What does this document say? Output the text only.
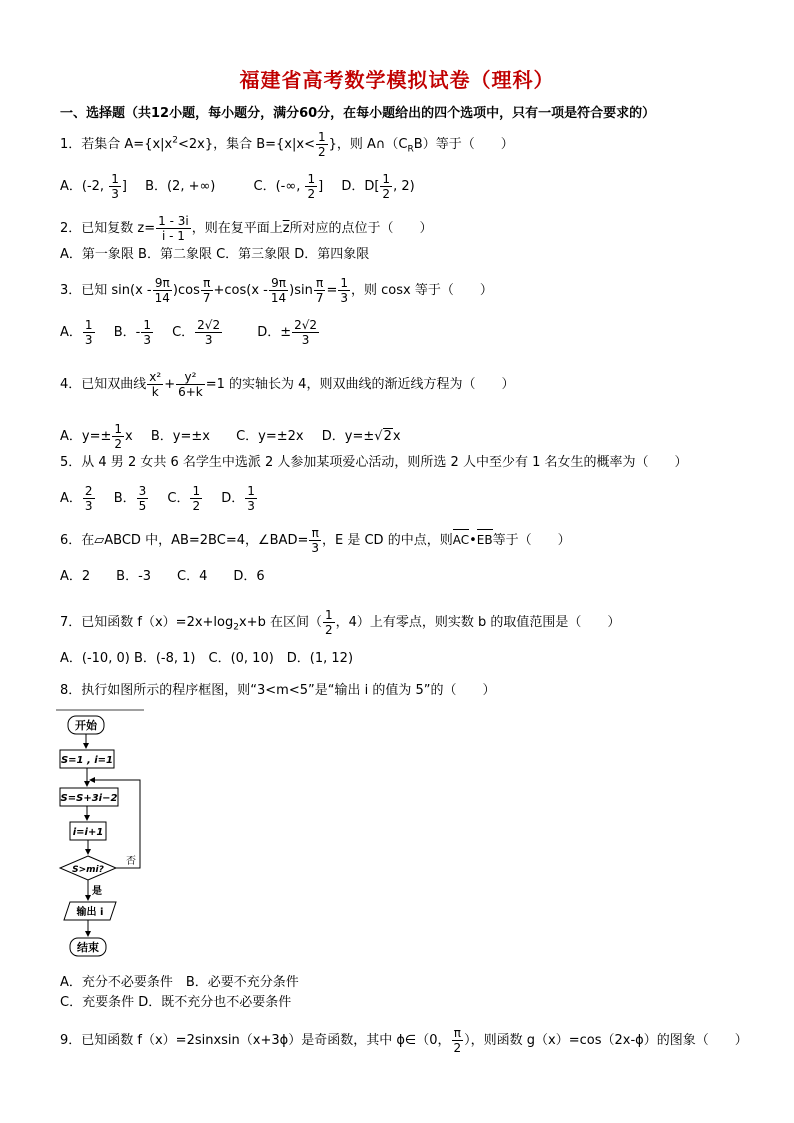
福建省高考数学模拟试卷（理科）
一、选择题（共12小题，每小题分，满分60分，在每小题给出的四个选项中，只有一项是符合要求的）
1．若集合 $A=\{x|x^2<2x\}$，集合 $B=\{x|x< \frac{1}{2}$ }，则 $A\cap(C_RB)$等于（　　）
A．(-2, $\frac{1}{3}$ ] B．(2, +∞)	C．(-∞, $\frac{1}{2}$ ] D．$D[ \frac{1}{2}$ , 2)
2．已知复数 $z= \frac{1 - 3i}{i - 1}$ ，则在复平面上$\overline{z}$所对应的点位于（　　）
A．第一象限 B．第二象限 C．第三象限 D．第四象限
3．已知 $\sin(x - \frac{9\pi}{14} )\cos \frac{\pi}{7} +\cos(x - \frac{9\pi}{14} )\sin \frac{\pi}{7} = \frac{1}{3}$ ，则 cosx 等于（　　）
A． $\frac{1}{3}$ B．- $\frac{1}{3}$ C． $\frac{2√2}{3}$	D．± $\frac{2√2}{3}$
4．已知双曲线 $\frac{\text{x²}}{k} + \frac{\text{y²}}{6+k} =1$ 的实轴长为 4，则双曲线的渐近线方程为（　　）
A．$y=\pm \frac{1}{2}$ x B．y=±x C．y=±2x D．y=±√2x
5．从 4 男 2 女共 6 名学生中选派 2 人参加某项爱心活动，则所选 2 人中至少有 1 名女生的概率为（　　）
A． $\frac{2}{3}$ B． $\frac{3}{5}$ C． $\frac{1}{2}$ D． $\frac{1}{3}$
6．在▱ABCD 中，AB=2BC=4，∠BAD= $\frac{\pi}{3}$ ，E 是 CD 的中点，则AC•EB等于（　　）
A．2　　B．-3　　C．4　　D．6
7．已知函数 $f(x)=2x+\log_2x+b$ 在区间（ $\frac{1}{2}$ ，4）上有零点，则实数 b 的取值范围是（　　）
A．(-10, 0) B．(-8, 1)　C．(0, 10)　D．(1, 12)
8．执行如图所示的程序框图，则“3<m<5”是“输出 i 的值为 5”的（　　）
开始
S=1 , i=1
S=S+3i−2
i=i+1
S>mi?
否
是
输出 i
结束
A．充分不必要条件　B．必要不充分条件
C．充要条件 D．既不充分也不必要条件
9．已知函数 f（x）=2sinxsin（x+3ϕ）是奇函数，其中 ϕ∈（0， $\frac{\pi}{2}$ ），则函数 g（x）=cos（2x-ϕ）的图象（　　）
